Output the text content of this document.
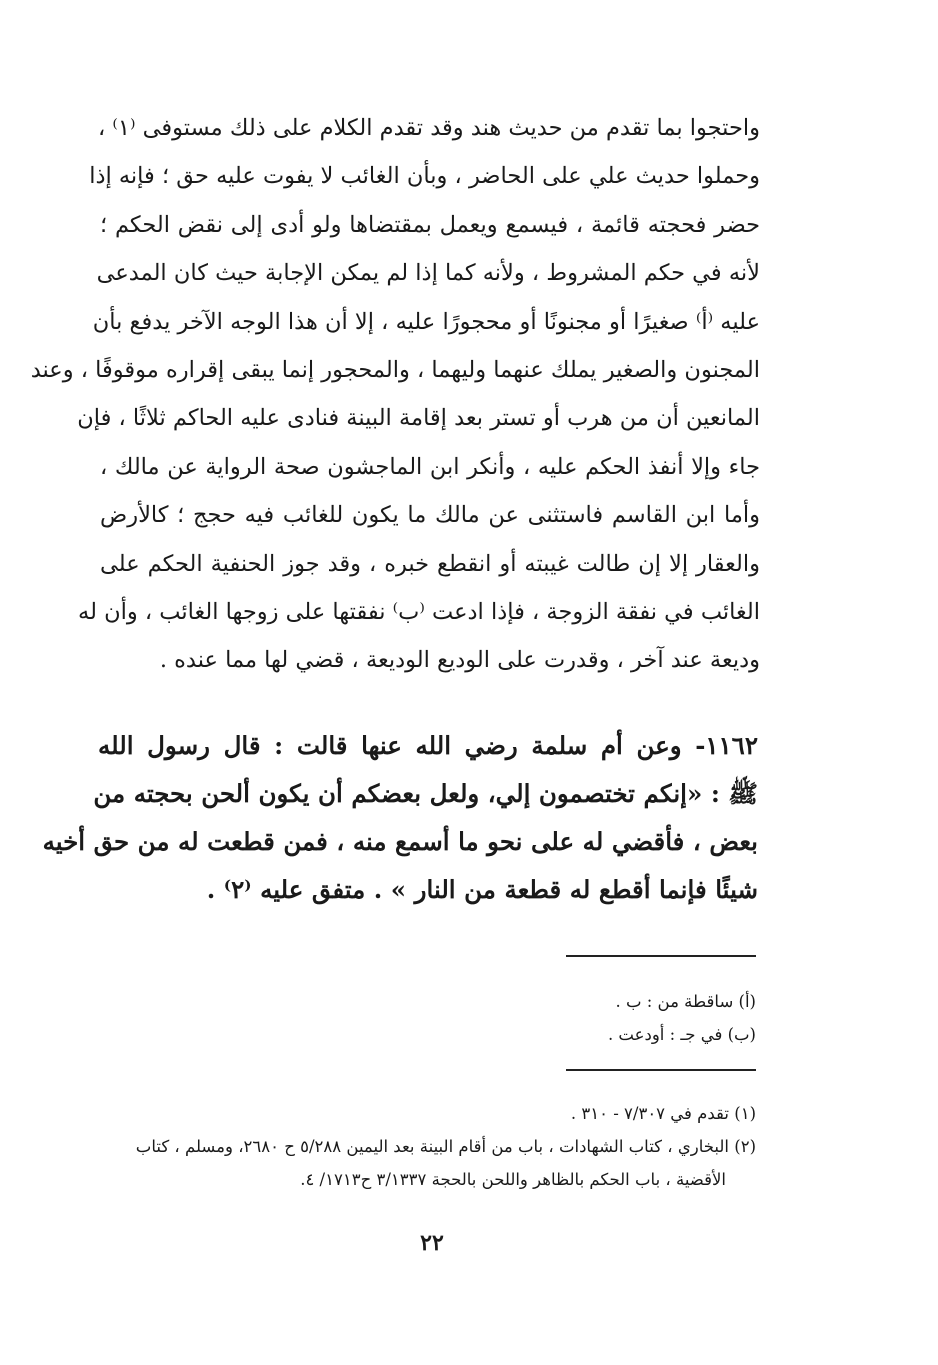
واحتجوا بما تقدم من حديث هند وقد تقدم الكلام على ذلك مستوفى ⁽١⁾ ،
وحملوا حديث علي على الحاضر ، وبأن الغائب لا يفوت عليه حق ؛ فإنه إذا
حضر فحجته قائمة ، فيسمع ويعمل بمقتضاها ولو أدى إلى نقض الحكم ؛
لأنه في حكم المشروط ، ولأنه كما إذا لم يمكن الإجابة حيث كان المدعى
عليه ⁽أ⁾ صغيرًا أو مجنونًا أو محجورًا عليه ، إلا أن هذا الوجه الآخر يدفع بأن
المجنون والصغير يملك عنهما وليهما ، والمحجور إنما يبقى إقراره موقوفًا ، وعند
المانعين أن من هرب أو تستر بعد إقامة البينة فنادى عليه الحاكم ثلاثًا ، فإن
جاء وإلا أنفذ الحكم عليه ، وأنكر ابن الماجشون صحة الرواية عن مالك ،
وأما ابن القاسم فاستثنى عن مالك ما يكون للغائب فيه حجج ؛ كالأرض
والعقار إلا إن طالت غيبته أو انقطع خبره ، وقد جوز الحنفية الحكم على
الغائب في نفقة الزوجة ، فإذا ادعت ⁽ب⁾ نفقتها على زوجها الغائب ، وأن له
وديعة عند آخر ، وقدرت على الوديع الوديعة ، قضي لها مما عنده .
١١٦٢- وعن أم سلمة رضي الله عنها قالت : قال رسول الله
ﷺ : «إنكم تختصمون إلي، ولعل بعضكم أن يكون ألحن بحجته من
بعض ، فأقضي له على نحو ما أسمع منه ، فمن قطعت له من حق أخيه
شيئًا فإنما أقطع له قطعة من النار » . متفق عليه ⁽٢⁾ .
(أ) ساقطة من : ب .
(ب) في جـ : أودعت .
(١) تقدم في ٧/٣٠٧ - ٣١٠ .
(٢) البخاري ، كتاب الشهادات ، باب من أقام البينة بعد اليمين ٥/٢٨٨ ح ٢٦٨٠، ومسلم ، كتاب
الأقضية ، باب الحكم بالظاهر واللحن بالحجة ٣/١٣٣٧ ح١٧١٣/ ٤.
٢٢
